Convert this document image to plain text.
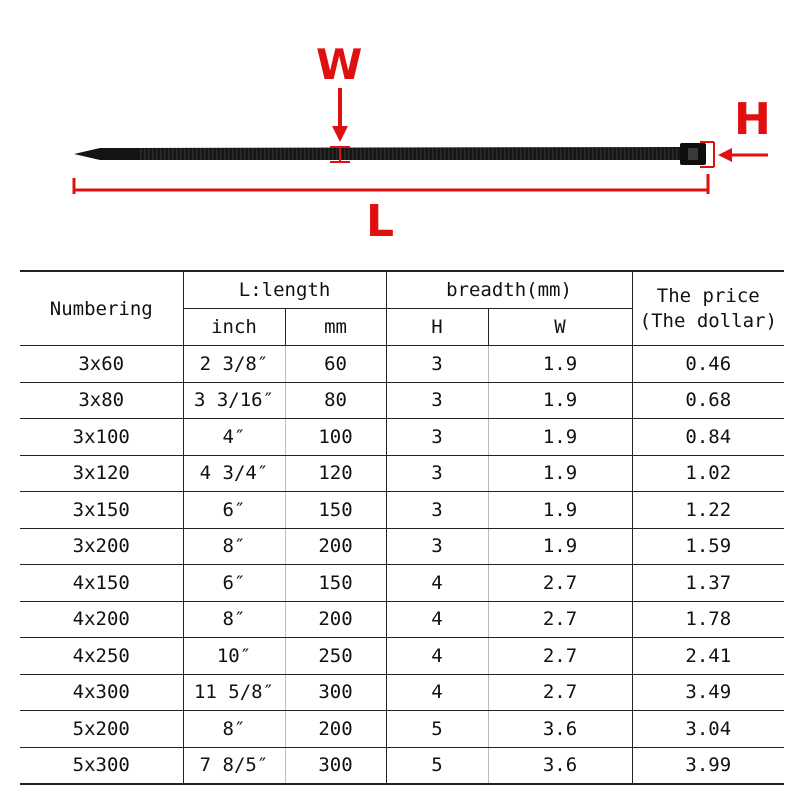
W
H
L
Numbering	L:length		breadth(mm)		The price
(The dollar)

	inch	mm	H	W	
3x60	2 3/8″	60	3	1.9	0.46
3x80	3 3/16″	80	3	1.9	0.68
3x100	4″	100	3	1.9	0.84
3x120	4 3/4″	120	3	1.9	1.02
3x150	6″	150	3	1.9	1.22
3x200	8″	200	3	1.9	1.59
4x150	6″	150	4	2.7	1.37
4x200	8″	200	4	2.7	1.78
4x250	10″	250	4	2.7	2.41
4x300	11 5/8″	300	4	2.7	3.49
5x200	8″	200	5	3.6	3.04
5x300	7 8/5″	300	5	3.6	3.99
